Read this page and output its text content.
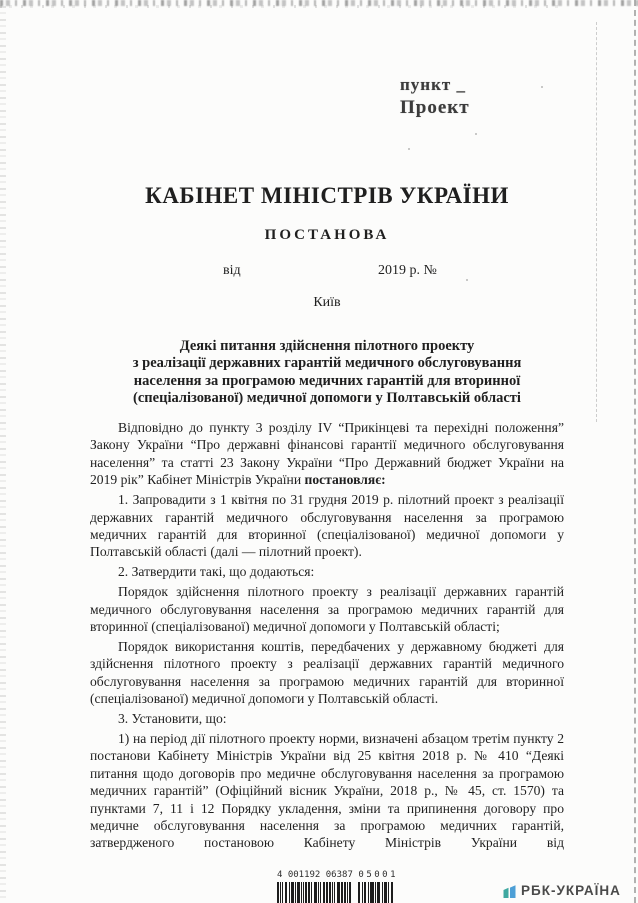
пункт _
Проект
КАБІНЕТ МІНІСТРІВ УКРАЇНИ
ПОСТАНОВА
від	2019 р. №
Київ
Деякі питання здійснення пілотного проекту
з реалізації державних гарантій медичного обслуговування
населення за програмою медичних гарантій для вторинної
(спеціалізованої) медичної допомоги у Полтавській області

Відповідно до пункту 3 розділу IV “Прикінцеві та перехідні положення” Закону України “Про державні фінансові гарантії медичного обслуговування населення” та статті 23 Закону України “Про Державний бюджет України на 2019 рік” Кабінет Міністрів України постановляє:

1. Запровадити з 1 квітня по 31 грудня 2019 р. пілотний проект з реалізації державних гарантій медичного обслуговування населення за програмою медичних гарантій для вторинної (спеціалізованої) медичної допомоги у Полтавській області (далі — пілотний проект).

2. Затвердити такі, що додаються:

Порядок здійснення пілотного проекту з реалізації державних гарантій медичного обслуговування населення за програмою медичних гарантій для вторинної (спеціалізованої) медичної допомоги у Полтавській області;

Порядок використання коштів, передбачених у державному бюджеті для здійснення пілотного проекту з реалізації державних гарантій медичного обслуговування населення за програмою медичних гарантій для вторинної (спеціалізованої) медичної допомоги у Полтавській області.

3. Установити, що:

1) на період дії пілотного проекту норми, визначені абзацом третім пункту 2 постанови Кабінету Міністрів України від 25 квітня 2018 р. № 410 “Деякі питання щодо договорів про медичне обслуговування населення за програмою медичних гарантій” (Офіційний вісник України, 2018 р., № 45, ст. 1570) та пунктами 7, 11 і 12 Порядку укладення, зміни та припинення договору про медичне обслуговування населення за програмою медичних гарантій, затвердженого постановою Кабінету Міністрів України від

4 001192 06387 05001
РБК-УКРАЇНА
